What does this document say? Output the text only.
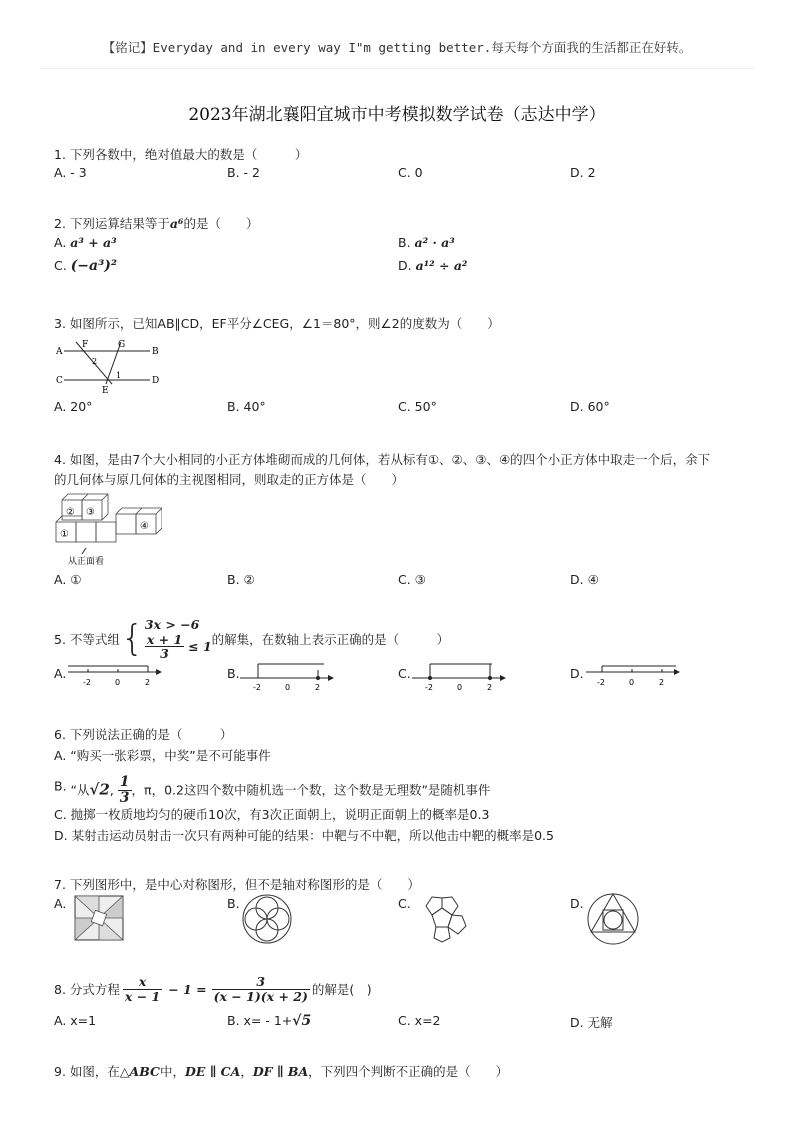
【铭记】Everyday and in every way I"m getting better.每天每个方面我的生活都正在好转。
2023年湖北襄阳宜城市中考模拟数学试卷（志达中学）
1. 下列各数中，绝对值最大的数是（　　　）
A. - 3	B. - 2	C. 0	D. 2
2. 下列运算结果等于a⁶的是（　　）
A. a³ + a³	B. a² · a³
C. (−a³)²	D. a¹² ÷ a²
3. 如图所示，已知AB∥CD，EF平分∠CEG，∠1＝80°，则∠2的度数为（　　）
A	B
C	D
E
F	G
1
2
A. 20°	B. 40°	C. 50°	D. 60°
4. 如图，是由7个大小相同的小正方体堆砌而成的几何体，若从标有①、②、③、④的四个小正方体中取走一个后，余下
的几何体与原几何体的主视图相同，则取走的正方体是（　　）
①
② ③
④
从正面看
A. ①	B. ②	C. ③	D. ④
5. 不等式组 { 3x > −6
$\frac{x + 1}{3} \le 1$ 的解集，在数轴上表示正确的是（　　　）
A.
-2	0	2
B.
-2	0	2
C.
-2	0	2
D.
-2	0	2
6. 下列说法正确的是（　　　）
A. “购买一张彩票，中奖”是不可能事件
B. “从√2, $\frac{1}{3}$ ，π，0.2这四个数中随机选一个数，这个数是无理数”是随机事件
C. 抛掷一枚质地均匀的硬币10次，有3次正面朝上，说明正面朝上的概率是0.3
D. 某射击运动员射击一次只有两种可能的结果：中靶与不中靶，所以他击中靶的概率是0.5
7. 下列图形中，是中心对称图形，但不是轴对称图形的是（　　）
A.	B.	C.	D.
8. 分式方程 $\frac{x}{x - 1} - 1 = \frac{3}{(x - 1)(x + 2)}$ 的解是(　)
A. x=1	B. x= - 1+√5	C. x=2	D. 无解
9. 如图，在△ABC中，DE ∥ CA，DF ∥ BA，下列四个判断不正确的是（　　）
